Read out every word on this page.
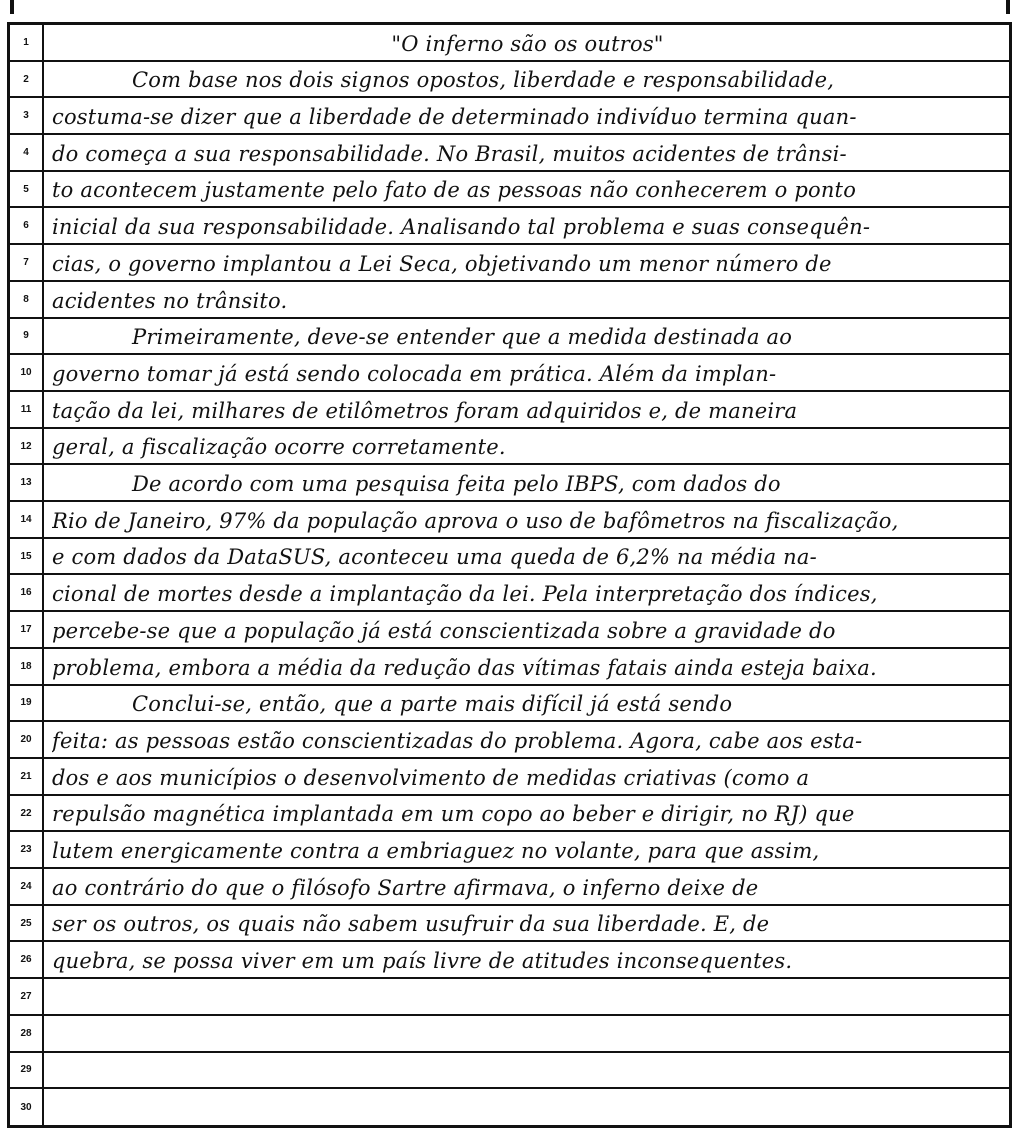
1	"O inferno são os outros"
2	Com base nos dois signos opostos, liberdade e responsabilidade,
3	costuma-se dizer que a liberdade de determinado indivíduo termina quan-
4	do começa a sua responsabilidade. No Brasil, muitos acidentes de trânsi-
5	to acontecem justamente pelo fato de as pessoas não conhecerem o ponto
6	inicial da sua responsabilidade. Analisando tal problema e suas consequên-
7	cias, o governo implantou a Lei Seca, objetivando um menor número de
8	acidentes no trânsito.
9	Primeiramente, deve-se entender que a medida destinada ao
10 governo tomar já está sendo colocada em prática. Além da implan-
11 tação da lei, milhares de etilômetros foram adquiridos e, de maneira
12 geral, a fiscalização ocorre corretamente.
13	De acordo com uma pesquisa feita pelo IBPS, com dados do
14 Rio de Janeiro, 97% da população aprova o uso de bafômetros na fiscalização,
15 e com dados da DataSUS, aconteceu uma queda de 6,2% na média na-
16 cional de mortes desde a implantação da lei. Pela interpretação dos índices,
17 percebe-se que a população já está conscientizada sobre a gravidade do
18 problema, embora a média da redução das vítimas fatais ainda esteja baixa.
19	Conclui-se, então, que a parte mais difícil já está sendo
20 feita: as pessoas estão conscientizadas do problema. Agora, cabe aos esta-
21 dos e aos municípios o desenvolvimento de medidas criativas (como a
22 repulsão magnética implantada em um copo ao beber e dirigir, no RJ) que
23 lutem energicamente contra a embriaguez no volante, para que assim,
24 ao contrário do que o filósofo Sartre afirmava, o inferno deixe de
25 ser os outros, os quais não sabem usufruir da sua liberdade. E, de
26 quebra, se possa viver em um país livre de atitudes inconsequentes.
27
28
29
30
